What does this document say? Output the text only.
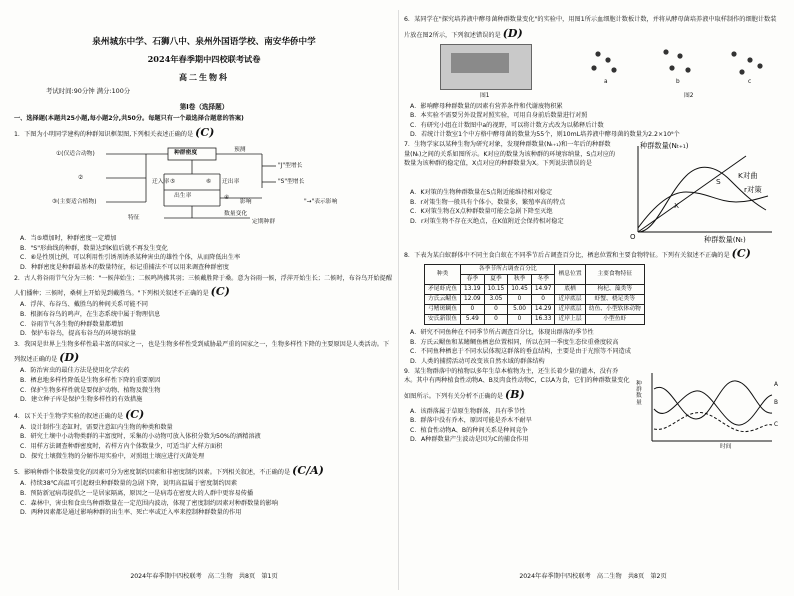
泉州城东中学、石狮八中、泉州外国语学校、南安华侨中学
2024年春季期中四校联考试卷
高二生物科
考试时间:90分钟 满分:100分
第Ⅰ卷（选择题）
一、选择题(本题共25小题,每小题2分,共50分。每题只有一个最选择合题意的答案)
1．下图为小明同学建构的种群知识框架图,下列相关表述正确的是 (C)
①(仅适合动物)
②
③(主要适合植物)
种群密度
迁入率	迁出率
⑤	⑥
出生率	④
"J"型增长
"S"型增长
特征
数量变化
定期种群
预测
影响	"→"表示影响
A．当⑤增加时，种群密度一定增加
B．"S"形曲线的种群，数量达到K值后就不再发生变化
C．⑥是性别比例，可以利用性引诱剂诱杀某种害虫的雄性个体，从而降低出生率
D．种群密度是种群最基本的数量特征，标记重捕法不可以用来调查种群密度
2．古人将谷雨节气分为三候："一候萍始生；二候鸣鸠拂其羽；三候戴胜降于桑。意为谷雨一候，浮萍开始生长；二候时，布谷鸟开始提醒人们播种；三候时，桑树上开始见到戴胜鸟。"下列相关叙述不正确的是 (C)
A．浮萍、布谷鸟、戴胜鸟的种间关系可能不同
B．根据布谷鸟的鸣声，在生态系统中属于物理信息
C．谷雨节气各生物的种群数量都增加
D．保护布谷鸟，提高布谷鸟的环境容纳量
3．我国是世界上生物多样性最丰富的国家之一，也是生物多样性受到威胁最严重的国家之一，生物多样性下降的主要原因是人类活动。下列叙述正确的是 (D)
A．防治害虫的最佳方法是使用化学农药
B．栖息地多样性降低是生物多样性下降的重要原因
C．保护生物多样性就是要保护动物、植物及微生物
D．建立种子库是保护生物多样性的有效措施
4．以下关于生物学实验的叙述正确的是 (C)
A．设计制作生态缸时，需要注意缸内生物的种类和数量
B．研究土壤中小动物类群的丰富度时，采集的小动物可放入体积分数为50%的酒精溶液
C．用样方法调查种群密度时，若样方内个体数量少，可适当扩大样方面积
D．探究土壤微生物的分解作用实验中，对照组土壤应进行灭菌处理
5．影响种群个体数量变化的因素可分为密度制约因素和非密度制约因素。下列相关叙述，不正确的是 (C/A)
A．持续38℃高温可引起蚜虫种群数量的急剧下降，说明高温属于密度制约因素
B．预防新冠病毒提倡之一是居家隔离，原因之一是病毒在密度大的人群中更容易传播
C．森林中，害虫和食虫鸟种群数量在一定范围内波动，体现了密度制约因素对种群数量的影响
D．两种因素都是通过影响种群的出生率、死亡率或迁入率来控制种群数量的作用
2024年春季期中四校联考　高二生物　共8页　第1页
6．某同学在"探究培养液中酵母菌种群数量变化"的实验中，用图1所示血细胞计数板计数，并将从酵母菌培养液中取样制作的细胞计数装片放在图2所示，下列叙述错误的是 (D)
图1
a	b	c
图2
A．影响酵母种群数量的因素有营养条件和代谢废物积累
B．本实验不需要另外设置对照实验，可用自身前后数量进行对照
C．有研究小组在计数图中a的视野，可以将计数方式改为以稀释后计数
D．若统计计数室1个中方格中酵母菌的数量为55个，则10mL培养液中酵母菌的数量为2.2×10⁹个
7．生物学家以某种生物为研究对象，发现种群数量(Nₜ₊₁)和一年后的种群数量(Nₜ)之间的关系如图所示。K对应的数量为该种群的环境容纳量，S点对应的数量为该种群的稳定值，X点对应的种群数量为X。下列说法错误的是
种群数量(Nₜ₊₁)
种群数量(Nₜ)
K对曲
S
X
r对策
O
A．K对策的生物种群数量在S点附近能维持相对稳定
B．r对策生物一般具有个体小，数量多，繁殖率高的特点
C．K对策生物在X点种群数量可能会急剧下降至灭绝
D．r对策生物不存在灭绝点，在K值附近会保持相对稳定
8．下表为某白蚁群体中不同主食白蚁在不同季节后占调查百分比，栖息位置和主要食物特征。下列有关叙述不正确的是 (C)
种类	各季节所占调查百分比				栖息位置	主要食物特征
	春季	夏季	秋季	冬季		
矛尾虾虎鱼	13.19	10.15	10.45	14.97	底栖	枸杞、藻类等
方氏云鳚鱼	12.09	3.05	0	0	近岸底层	虾蟹、桡足类等
弓鳍斑鲷鱼	0	0	5.00	14.29	近岸底层	幼鱼、小型软体动物
安氏新银鱼	5.49	0	0	16.33	近岸上层	小型鱼虾
A．研究不同鱼种在不同季节所占调查百分比，体现出群落的季节性
B．方氏云鳚鱼和某鳍鲷鱼栖息位置相同，所以在同一季度生态位重叠度较高
C．不同鱼种栖息于不同水层体现这群落的垂直结构，主要是由于光照等不同造成
D．人类的捕捞活动可改变该自然水域的群落结构
9．某生物群落中的植物以多年生草本植物为主，还生长着少量的灌木，没有乔木。其中有两种植食性动物A、B及肉食性动物C，C以A为食，它们的种群数量变化如图所示。下列有关分析不正确的是 (B)
种群数量
时间
A
B
C
A．该群落属于草原生物群落，具有季节性
B．群落中没有乔木，原因可能是乔木不耐旱
C．植食性动物A、B的种间关系是种间竞争
D．A种群数量产生波动是因为C的捕食作用
2024年春季期中四校联考　高二生物　共8页　第2页
